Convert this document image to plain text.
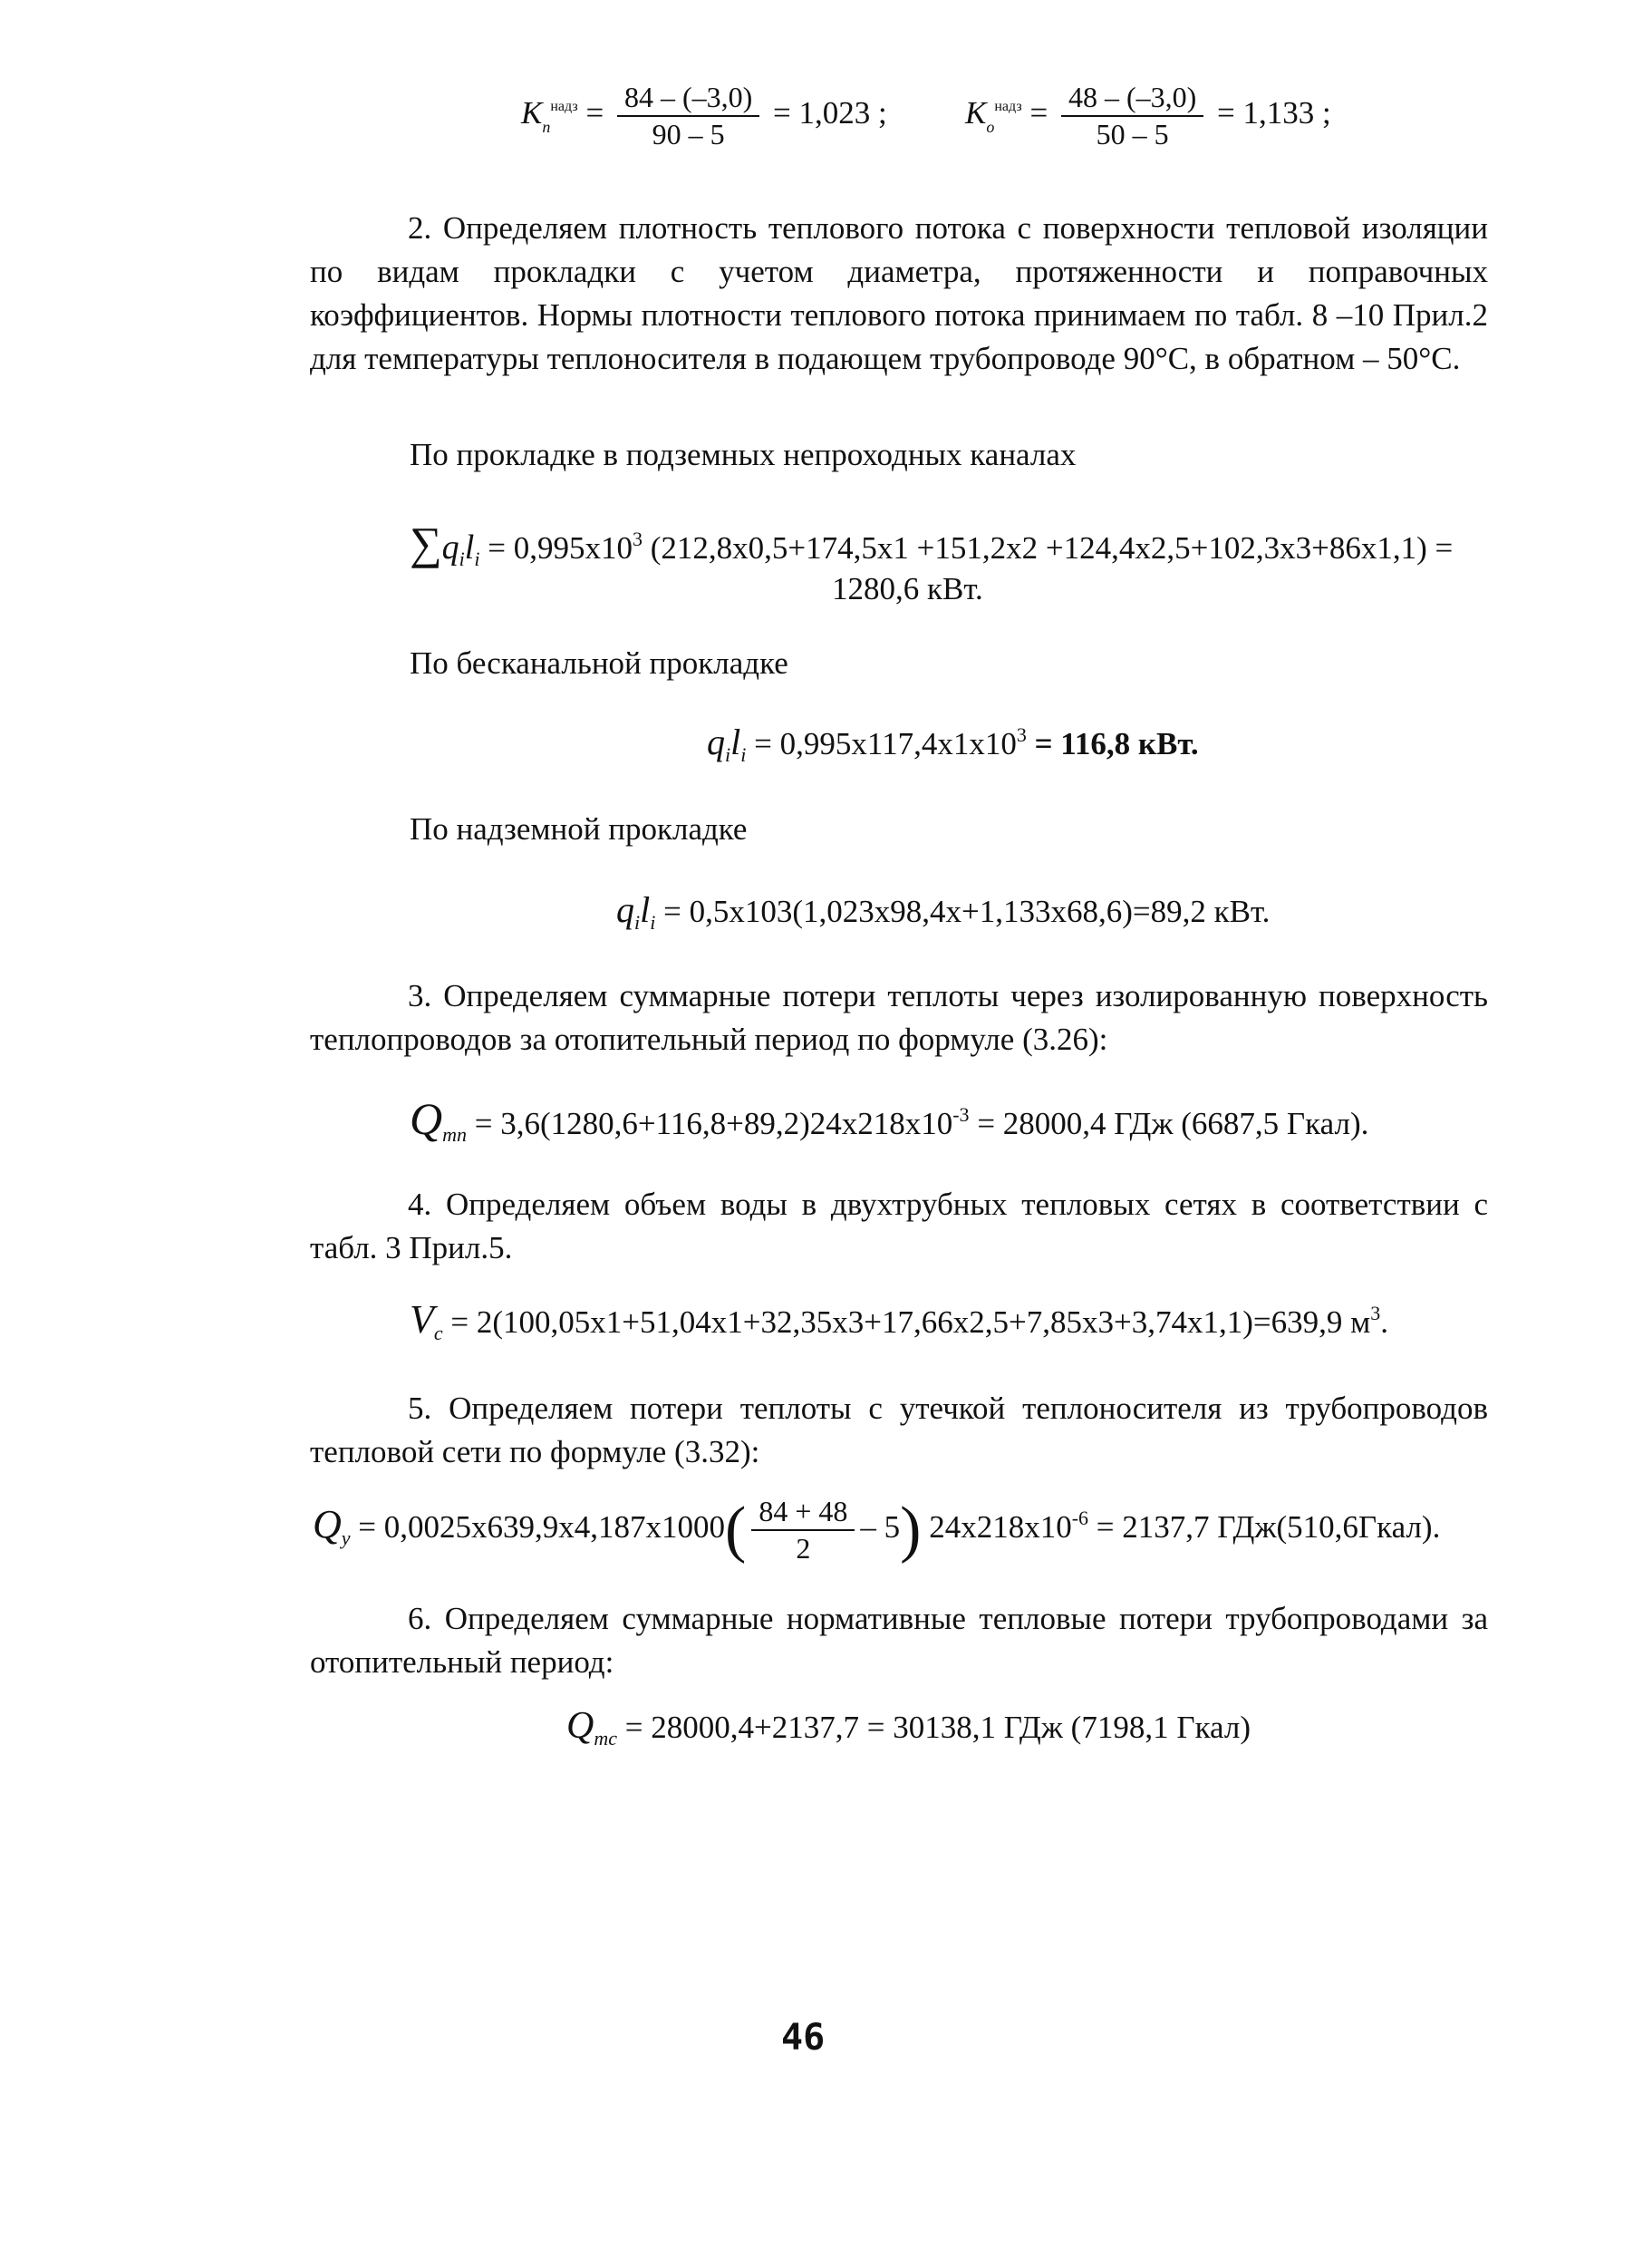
$K_п^{надз} = \frac{84 - (-3,0)}{90 - 5} = 1,023$ ; $K_о^{надз} = \frac{48 - (-3,0)}{50 - 5} = 1,133$ ;
2. Определяем плотность теплового потока с поверхности тепловой изоляции по видам прокладки с учетом диаметра, протяженности и поправочных коэффициентов. Нормы плотности теплового потока принимаем по табл. 8 –10 Прил.2 для температуры теплоносителя в подающем трубопроводе 90°С, в обратном – 50°С.
По прокладке в подземных непроходных каналах
$\sum q_il_i = 0,995х10^3$ (212,8х0,5+174,5х1 +151,2х2 +124,4х2,5+102,3х3+86х1,1) =
1280,6 кВт.
По бесканальной прокладке
$q_il_i = 0,995х117,4х1х10^3 = 116,8$ кВт.
По надземной прокладке
$q_il_i = 0,5х103(1,023х98,4х+1,133х68,6)=89,2$ кВт.
3. Определяем суммарные потери теплоты через изолированную поверхность теплопроводов за отопительный период по формуле (3.26):
$Q_{тп} = 3,6(1280,6+116,8+89,2)24х218х10^{-3} = 28000,4$ ГДж (6687,5 Гкал).
4. Определяем объем воды в двухтрубных тепловых сетях в соответствии с табл. 3 Прил.5.
$V_c = 2(100,05х1+51,04х1+32,35х3+17,66х2,5+7,85х3+3,74х1,1)=639,9$ $м^3$.
5. Определяем потери теплоты с утечкой теплоносителя из трубопроводов тепловой сети по формуле (3.32):
$Q_у = 0,0025х639,9х4,187х1000( \frac{84 + 48}{2} - 5) 24х218х10^{-6} = 2137,7$ ГДж(510,6Гкал).
6. Определяем суммарные нормативные тепловые потери трубопроводами за отопительный период:
$Q_{тс} = 28000,4+2137,7 = 30138,1$ ГДж (7198,1 Гкал)
46
